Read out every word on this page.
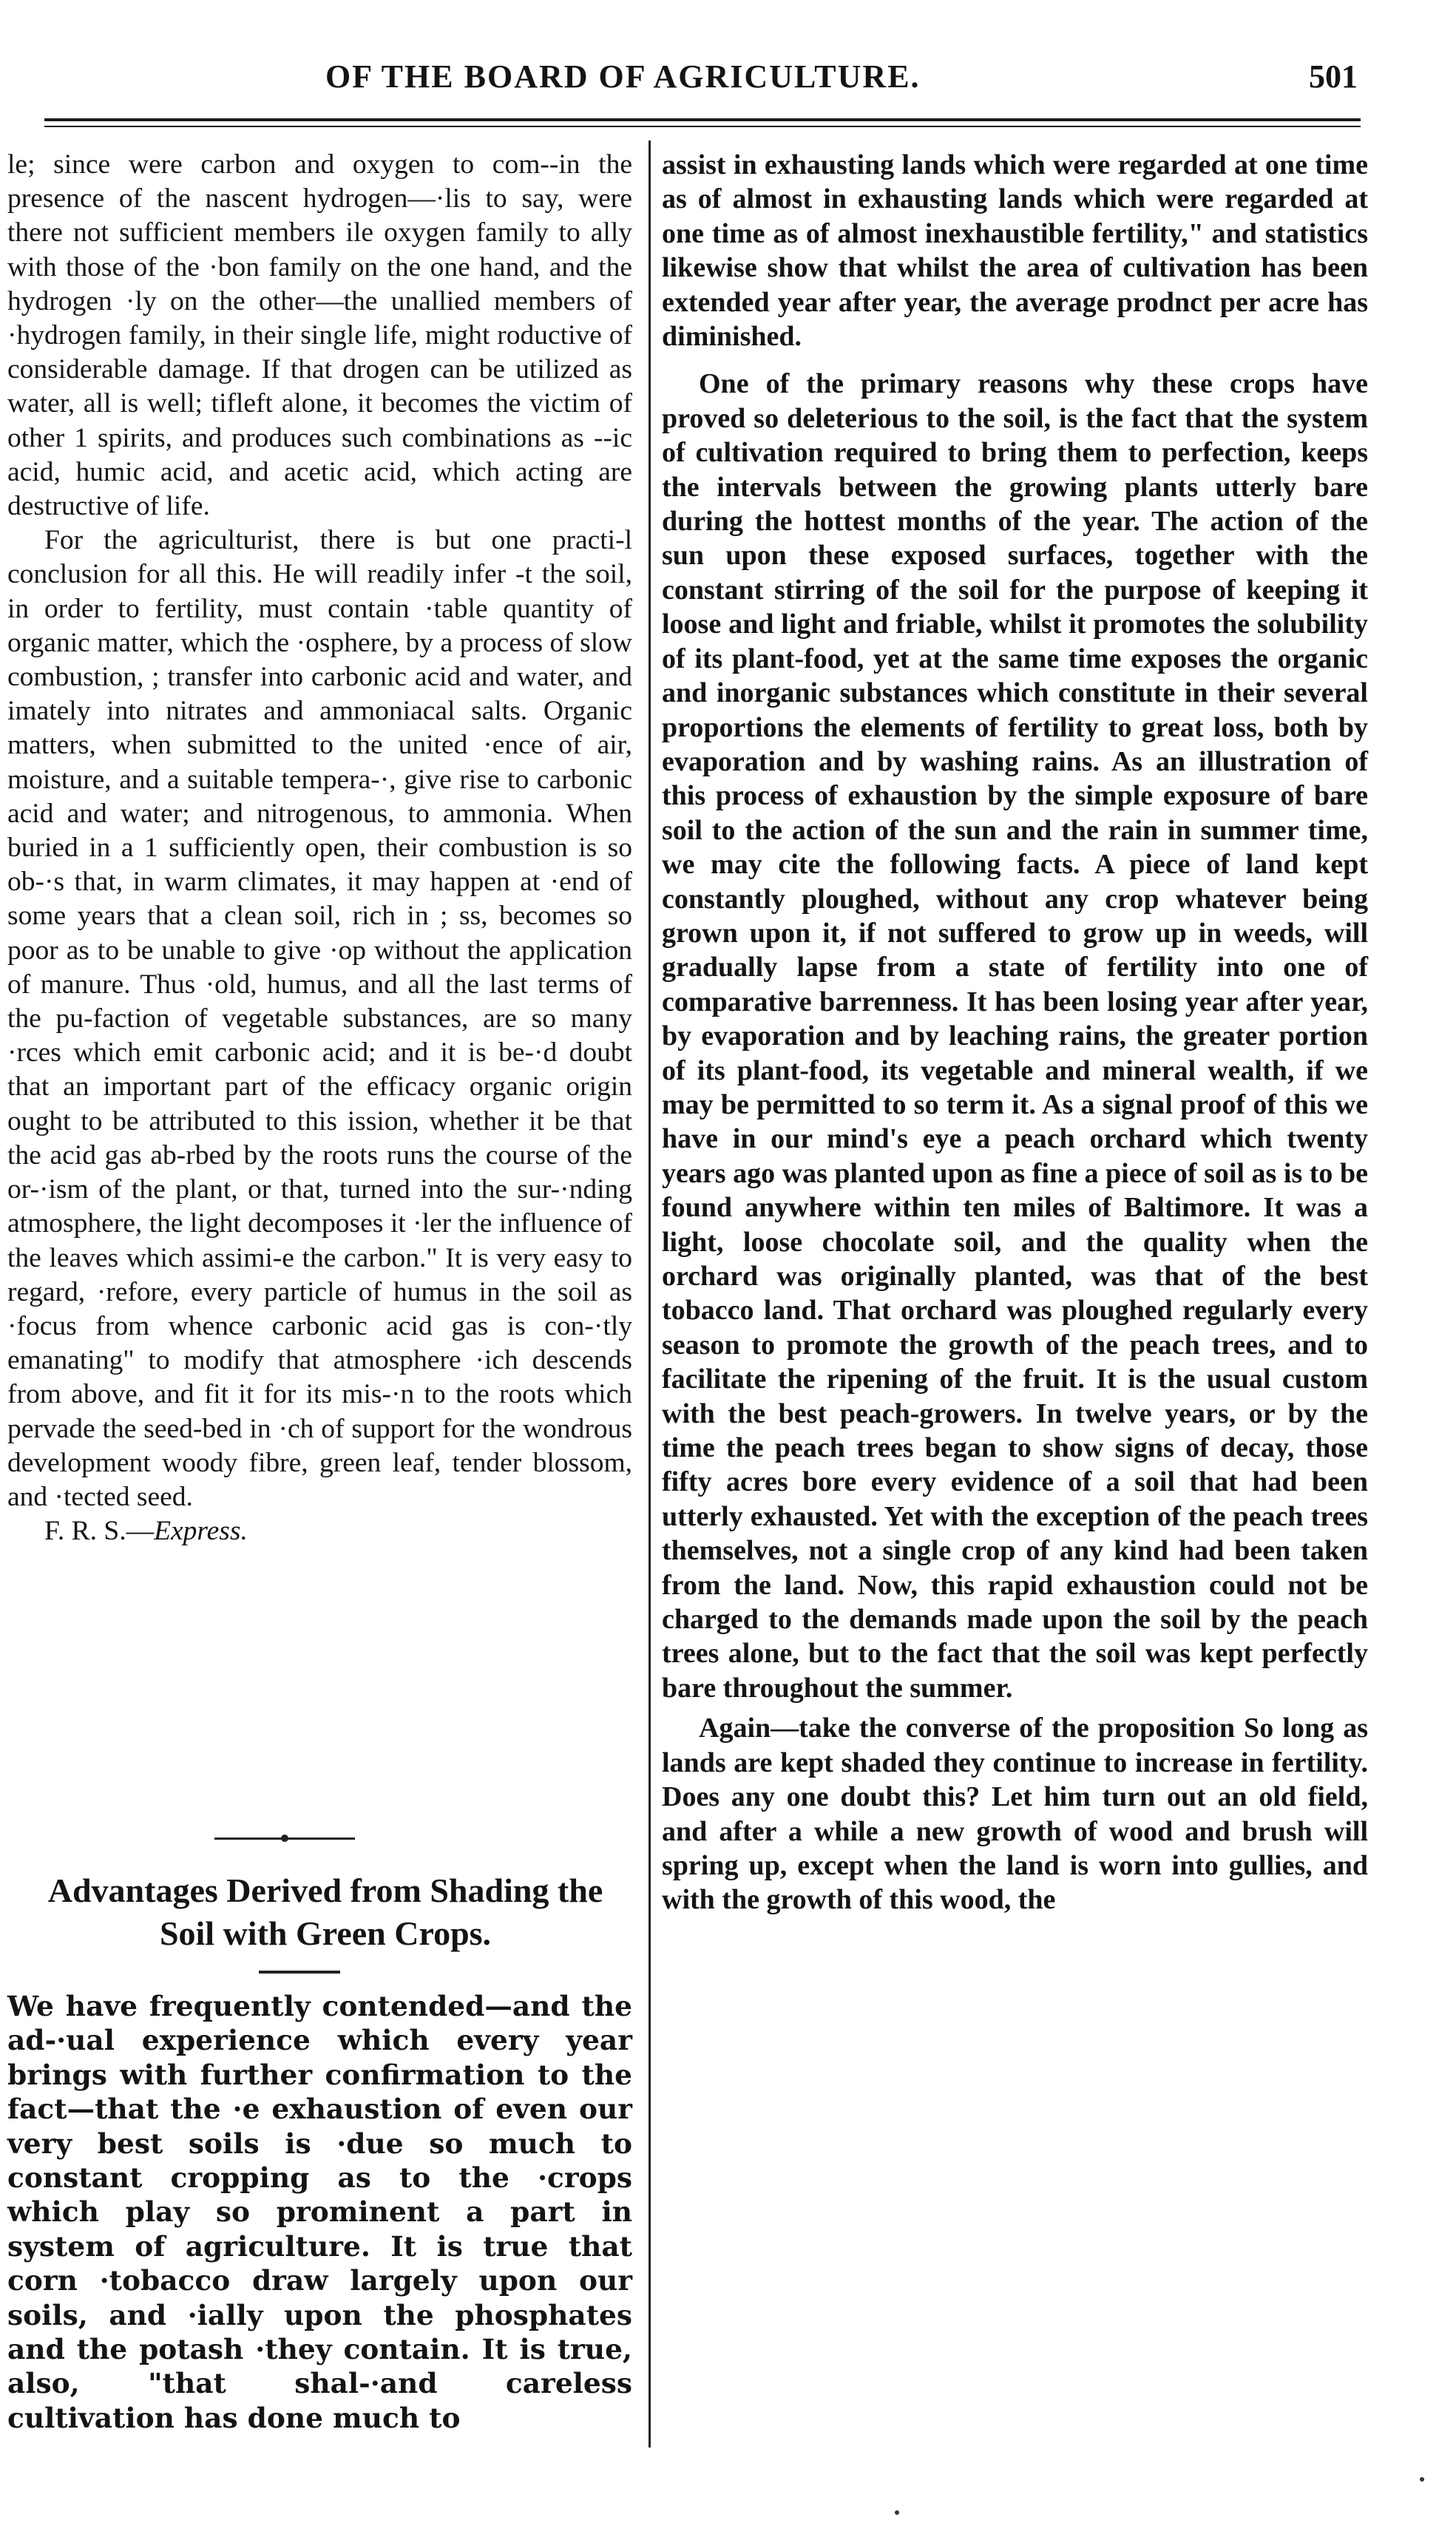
OF THE BOARD OF AGRICULTURE.	501

le; since were carbon and oxygen to com--in the presence of the nascent hydrogen—·lis to say, were there not sufficient members ile oxygen family to ally with those of the ·bon family on the one hand, and the hydrogen ·ly on the other—the unallied members of ·hydrogen family, in their single life, might roductive of considerable damage. If that drogen can be utilized as water, all is well; tifleft alone, it becomes the victim of other 1 spirits, and produces such combinations as --ic acid, humic acid, and acetic acid, which acting are destructive of life.

For the agriculturist, there is but one practi-l conclusion for all this. He will readily infer -t the soil, in order to fertility, must contain ·table quantity of organic matter, which the ·osphere, by a process of slow combustion, ; transfer into carbonic acid and water, and imately into nitrates and ammoniacal salts. Organic matters, when submitted to the united ·ence of air, moisture, and a suitable tempera-·, give rise to carbonic acid and water; and nitrogenous, to ammonia. When buried in a 1 sufficiently open, their combustion is so ob-·s that, in warm climates, it may happen at ·end of some years that a clean soil, rich in ; ss, becomes so poor as to be unable to give ·op without the application of manure. Thus ·old, humus, and all the last terms of the pu-faction of vegetable substances, are so many ·rces which emit carbonic acid; and it is be-·d doubt that an important part of the efficacy organic origin ought to be attributed to this ission, whether it be that the acid gas ab-rbed by the roots runs the course of the or-·ism of the plant, or that, turned into the sur-·nding atmosphere, the light decomposes it ·ler the influence of the leaves which assimi-e the carbon." It is very easy to regard, ·refore, every particle of humus in the soil as ·focus from whence carbonic acid gas is con-·tly emanating" to modify that atmosphere ·ich descends from above, and fit it for its mis-·n to the roots which pervade the seed-bed in ·ch of support for the wondrous development woody fibre, green leaf, tender blossom, and ·tected seed.

F. R. S.—Express.

Advantages Derived from Shading the Soil with Green Crops.

We have frequently contended—and the ad-·ual experience which every year brings with further confirmation to the fact—that the ·e exhaustion of even our very best soils is ·due so much to constant cropping as to the ·crops which play so prominent a part in system of agriculture. It is true that corn ·tobacco draw largely upon our soils, and ·ially upon the phosphates and the potash ·they contain. It is true, also, "that shal-·and careless cultivation has done much to

assist in exhausting lands which were regarded at one time as of almost in exhausting lands which were regarded at one time as of almost inexhaustible fertility," and statistics likewise show that whilst the area of cultivation has been extended year after year, the average prodnct per acre has diminished.

One of the primary reasons why these crops have proved so deleterious to the soil, is the fact that the system of cultivation required to bring them to perfection, keeps the intervals between the growing plants utterly bare during the hottest months of the year. The action of the sun upon these exposed surfaces, together with the constant stirring of the soil for the purpose of keeping it loose and light and friable, whilst it promotes the solubility of its plant-food, yet at the same time exposes the organic and inorganic substances which constitute in their several proportions the elements of fertility to great loss, both by evaporation and by washing rains. As an illustration of this process of exhaustion by the simple exposure of bare soil to the action of the sun and the rain in summer time, we may cite the following facts. A piece of land kept constantly ploughed, without any crop whatever being grown upon it, if not suffered to grow up in weeds, will gradually lapse from a state of fertility into one of comparative barrenness. It has been losing year after year, by evaporation and by leaching rains, the greater portion of its plant-food, its vegetable and mineral wealth, if we may be permitted to so term it. As a signal proof of this we have in our mind's eye a peach orchard which twenty years ago was planted upon as fine a piece of soil as is to be found anywhere within ten miles of Baltimore. It was a light, loose chocolate soil, and the quality when the orchard was originally planted, was that of the best tobacco land. That orchard was ploughed regularly every season to promote the growth of the peach trees, and to facilitate the ripening of the fruit. It is the usual custom with the best peach-growers. In twelve years, or by the time the peach trees began to show signs of decay, those fifty acres bore every evidence of a soil that had been utterly exhausted. Yet with the exception of the peach trees themselves, not a single crop of any kind had been taken from the land. Now, this rapid exhaustion could not be charged to the demands made upon the soil by the peach trees alone, but to the fact that the soil was kept perfectly bare throughout the summer.

Again—take the converse of the proposition So long as lands are kept shaded they continue to increase in fertility. Does any one doubt this? Let him turn out an old field, and after a while a new growth of wood and brush will spring up, except when the land is worn into gullies, and with the growth of this wood, the
